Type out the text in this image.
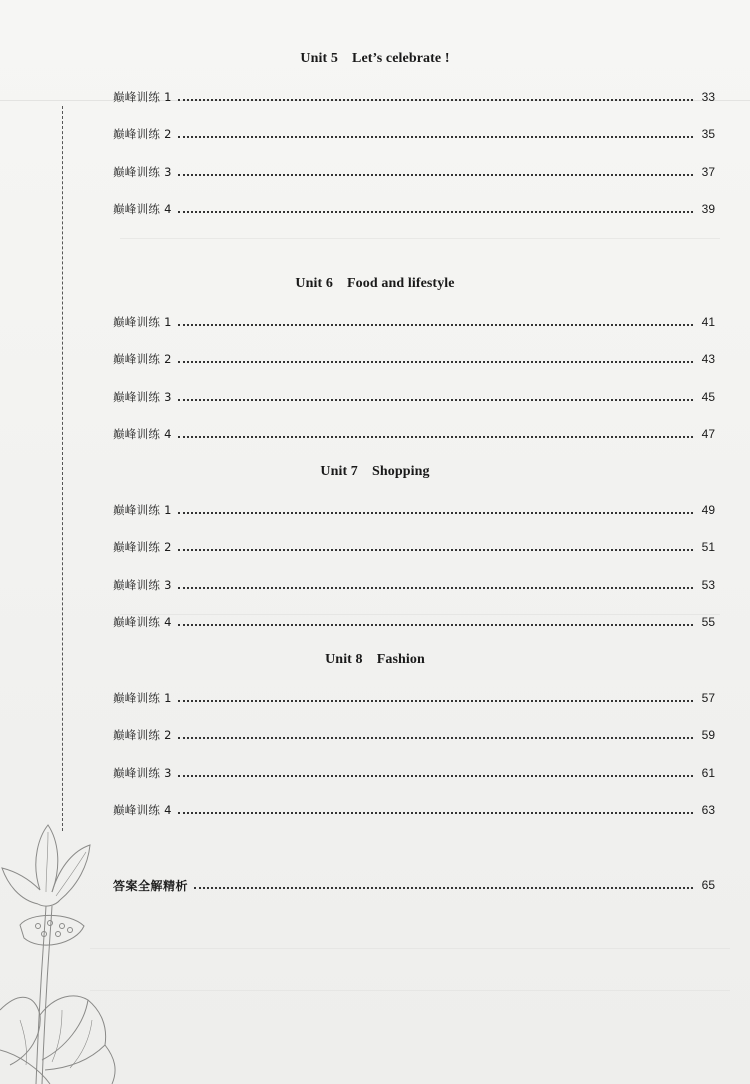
Unit 5 Let’s celebrate !
巅峰训练 1	33
巅峰训练 2	35
巅峰训练 3	37
巅峰训练 4	39
Unit 6 Food and lifestyle
巅峰训练 1	41
巅峰训练 2	43
巅峰训练 3	45
巅峰训练 4	47
Unit 7 Shopping
巅峰训练 1	49
巅峰训练 2	51
巅峰训练 3	53
巅峰训练 4	55
Unit 8 Fashion
巅峰训练 1	57
巅峰训练 2	59
巅峰训练 3	61
巅峰训练 4	63
答案全解精析	65
